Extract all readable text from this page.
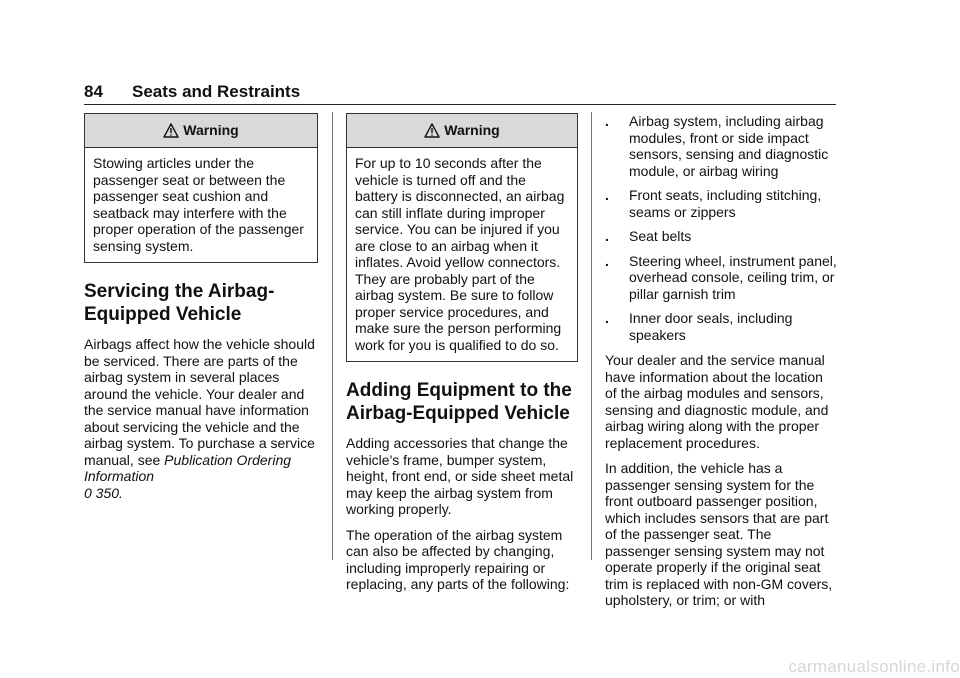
84 Seats and Restraints
Warning
Stowing articles under the passenger seat or between the passenger seat cushion and seatback may interfere with the proper operation of the passenger sensing system.
Servicing the Airbag-Equipped Vehicle

Airbags affect how the vehicle should be serviced. There are parts of the airbag system in several places around the vehicle. Your dealer and the service manual have information about servicing the vehicle and the airbag system. To purchase a service manual, see Publication Ordering Information
0 350.

Warning
For up to 10 seconds after the vehicle is turned off and the battery is disconnected, an airbag can still inflate during improper service. You can be injured if you are close to an airbag when it inflates. Avoid yellow connectors. They are probably part of the airbag system. Be sure to follow proper service procedures, and make sure the person performing work for you is qualified to do so.
Adding Equipment to the Airbag-Equipped Vehicle

Adding accessories that change the vehicle's frame, bumper system, height, front end, or side sheet metal may keep the airbag system from working properly.

The operation of the airbag system can also be affected by changing, including improperly repairing or replacing, any parts of the following:

. Airbag system, including airbag modules, front or side impact sensors, sensing and diagnostic module, or airbag wiring
. Front seats, including stitching, seams or zippers
. Seat belts
. Steering wheel, instrument panel, overhead console, ceiling trim, or pillar garnish trim
. Inner door seals, including speakers

Your dealer and the service manual have information about the location of the airbag modules and sensors, sensing and diagnostic module, and airbag wiring along with the proper replacement procedures.

In addition, the vehicle has a passenger sensing system for the front outboard passenger position, which includes sensors that are part of the passenger seat. The passenger sensing system may not operate properly if the original seat trim is replaced with non-GM covers, upholstery, or trim; or with

carmanualsonline.info
